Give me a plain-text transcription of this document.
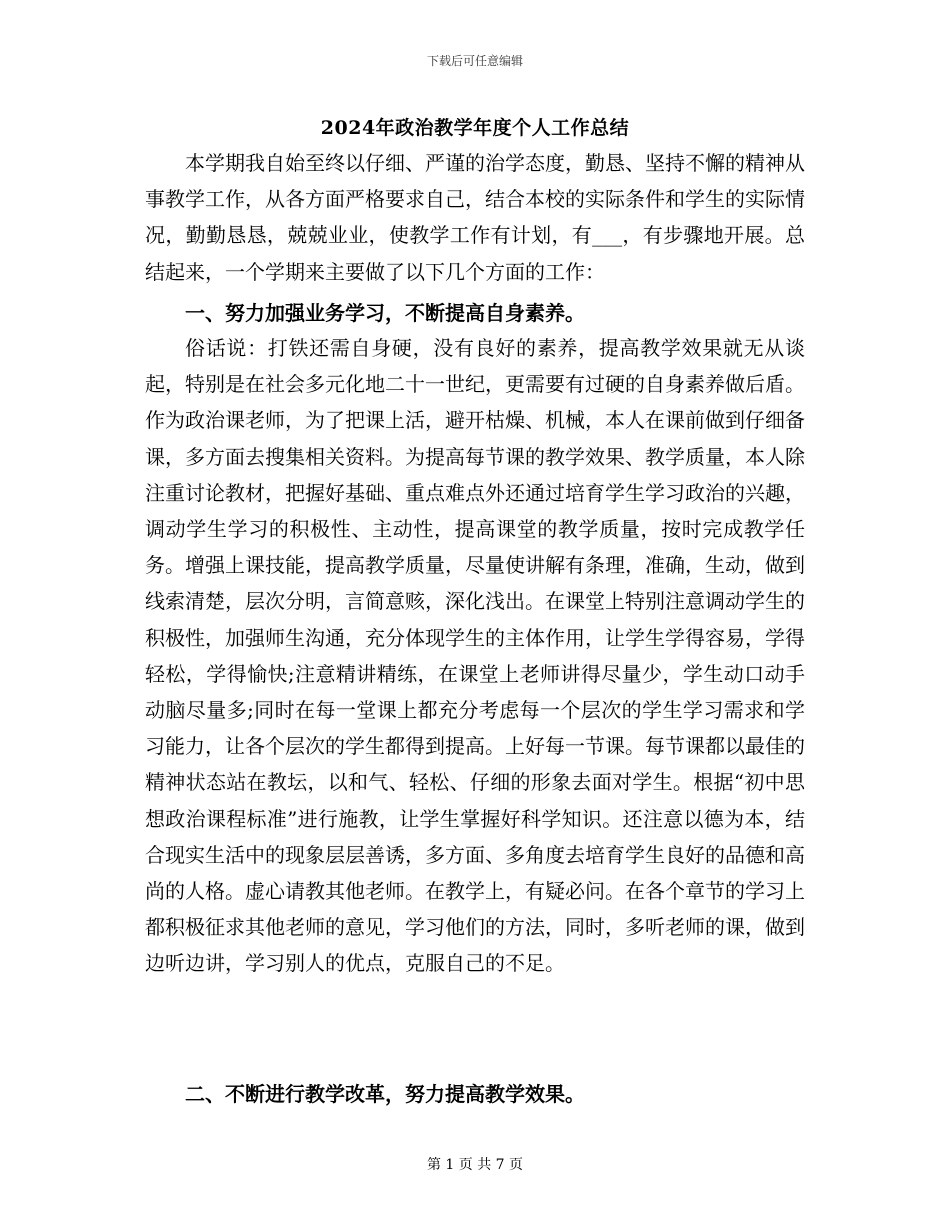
下载后可任意编辑
2024年政治教学年度个人工作总结

本学期我自始至终以仔细、严谨的治学态度，勤恳、坚持不懈的精神从事教学工作，从各方面严格要求自己，结合本校的实际条件和学生的实际情况，勤勤恳恳，兢兢业业，使教学工作有计划，有___，有步骤地开展。总结起来，一个学期来主要做了以下几个方面的工作：

一、努力加强业务学习，不断提高自身素养。

俗话说：打铁还需自身硬，没有良好的素养，提高教学效果就无从谈起，特别是在社会多元化地二十一世纪，更需要有过硬的自身素养做后盾。作为政治课老师，为了把课上活，避开枯燥、机械，本人在课前做到仔细备课，多方面去搜集相关资料。为提高每节课的教学效果、教学质量，本人除注重讨论教材，把握好基础、重点难点外还通过培育学生学习政治的兴趣，调动学生学习的积极性、主动性，提高课堂的教学质量，按时完成教学任务。增强上课技能，提高教学质量，尽量使讲解有条理，准确，生动，做到线索清楚，层次分明，言简意赅，深化浅出。在课堂上特别注意调动学生的积极性，加强师生沟通，充分体现学生的主体作用，让学生学得容易，学得轻松，学得愉快;注意精讲精练，在课堂上老师讲得尽量少，学生动口动手动脑尽量多;同时在每一堂课上都充分考虑每一个层次的学生学习需求和学习能力，让各个层次的学生都得到提高。上好每一节课。每节课都以最佳的精神状态站在教坛，以和气、轻松、仔细的形象去面对学生。根据“初中思想政治课程标准”进行施教，让学生掌握好科学知识。还注意以德为本，结合现实生活中的现象层层善诱，多方面、多角度去培育学生良好的品德和高尚的人格。虚心请教其他老师。在教学上，有疑必问。在各个章节的学习上都积极征求其他老师的意见，学习他们的方法，同时，多听老师的课，做到边听边讲，学习别人的优点，克服自己的不足。

二、不断进行教学改革，努力提高教学效果。

第 1 页 共 7 页
